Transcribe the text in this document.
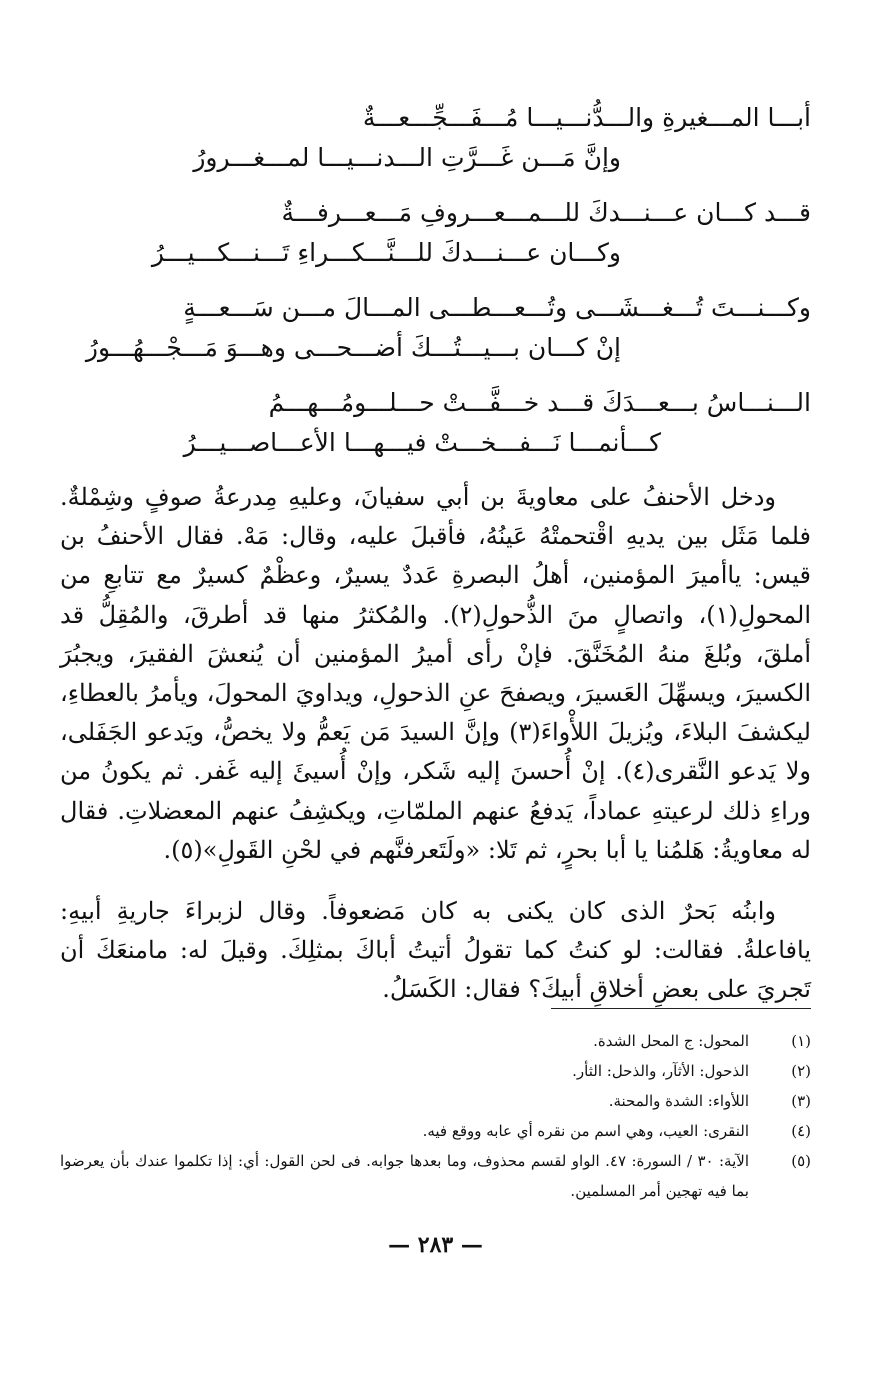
أبـــا المـــغيرةِ والـــدُّنـــيـــا مُـــفَـــجِّـــعـــةٌ
وإنَّ مَـــن غَـــرَّتِ الـــدنـــيـــا لمـــغـــرورُ
قـــد كـــان عـــنـــدكَ للـــمـــعـــروفِ مَـــعـــرفـــةٌ
وكـــان عـــنـــدكَ للـــنَّـــكـــراءِ تَـــنـــكـــيـــرُ
وكـــنـــتَ تُـــغـــشَـــى وتُـــعـــطـــى المـــالَ مـــن سَـــعـــةٍ
إنْ كـــان بـــيـــتُـــكَ أضـــحـــى وهـــوَ مَـــجْـــهُـــورُ
الـــنـــاسُ بـــعـــدَكَ قـــد خـــفَّـــتْ حـــلـــومُـــهـــمُ
كـــأنمـــا نَـــفـــخـــتْ فيـــهـــا الأعـــاصـــيـــرُ

ودخل الأحنفُ على معاويةَ بن أبي سفيانَ، وعليهِ مِدرعةُ صوفٍ وشِمْلةٌ. فلما مَثَل بين يديهِ اقْتحمتْهُ عَينُهُ، فأقبلَ عليه، وقال: مَهْ. فقال الأحنفُ بن قيس: ياأميرَ المؤمنين، أهلُ البصرةِ عَددٌ يسيرٌ، وعظْمٌ كسيرٌ مع تتابعِ من المحولِ(١)، واتصالٍ منَ الذُّحولِ(٢). والمُكثرُ منها قد أطرقَ، والمُقِلُّ قد أملقَ، وبُلغَ منهُ المُخَنَّقَ. فإنْ رأى أميرُ المؤمنين أن يُنعشَ الفقيرَ، ويجبُرَ الكسيرَ، ويسهِّلَ العَسيرَ، ويصفحَ عنِ الذحولِ، ويداويَ المحولَ، ويأمرُ بالعطاءِ، ليكشفَ البلاءَ، ويُزيلَ اللأْواءَ(٣) وإنَّ السيدَ مَن يَعمُّ ولا يخصُّ، ويَدعو الجَفَلى، ولا يَدعو النَّقرى(٤). إنْ أُحسنَ إليه شَكر، وإنْ أُسيئَ إليه غَفر. ثم يكونُ من وراءِ ذلك لرعيتهِ عماداً، يَدفعُ عنهم الملمّاتِ، ويكشِفُ عنهم المعضلاتِ. فقال له معاويةُ: هَلمُنا يا أبا بحرٍ، ثم تَلا: «ولَتَعرفنَّهم في لحْنِ القَولِ»(٥).

وابنُه بَحرٌ الذى كان يكنى به كان مَضعوفاً. وقال لزبراءَ جاريةِ أبيهِ: يافاعلةُ. فقالت: لو كنتُ كما تقولُ أتيتُ أباكَ بمثلِكَ. وقيلَ له: مامنعَكَ أن تَجريَ على بعضِ أخلاقِ أبيكَ؟ فقال: الكَسَلُ.

(١)
المحول: ج المحل الشدة.
(٢)
الذحول: الأثآر، والذحل: الثأر.
(٣)
اللأواء: الشدة والمحنة.
(٤)
النقرى: العيب، وهي اسم من نقره أي عابه ووقع فيه.
(٥)
الآية: ٣٠ / السورة: ٤٧. الواو لقسم محذوف، وما بعدها جوابه. فى لحن القول: أي: إذا تكلموا عندك بأن يعرضوا بما فيه تهجين أمر المسلمين.
— ٢٨٣ —
